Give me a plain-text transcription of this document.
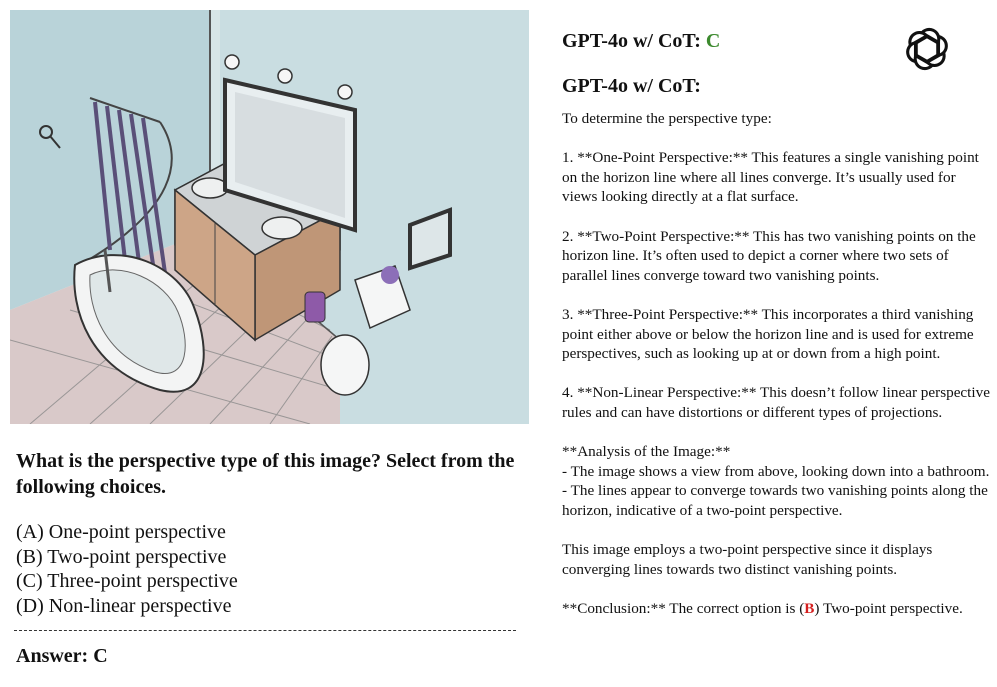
What is the perspective type of this image? Select from the following choices.
(A) One-point perspective
(B) Two-point perspective
(C) Three-point perspective
(D) Non-linear perspective
Answer: C
GPT-4o w/ CoT: C
GPT-4o w/ CoT:

To determine the perspective type:

1. **One-Point Perspective:** This features a single vanishing point on the horizon line where all lines converge. It’s usually used for views looking directly at a flat surface.

2. **Two-Point Perspective:** This has two vanishing points on the horizon line. It’s often used to depict a corner where two sets of parallel lines converge toward two vanishing points.

3. **Three-Point Perspective:** This incorporates a third vanishing point either above or below the horizon line and is used for extreme perspectives, such as looking up at or down from a high point.

4. **Non-Linear Perspective:** This doesn’t follow linear perspective rules and can have distortions or different types of projections.

**Analysis of the Image:**

- The image shows a view from above, looking down into a bathroom.

- The lines appear to converge towards two vanishing points along the horizon, indicative of a two-point perspective.

This image employs a two-point perspective since it displays converging lines towards two distinct vanishing points.

**Conclusion:** The correct option is (B) Two-point perspective.
